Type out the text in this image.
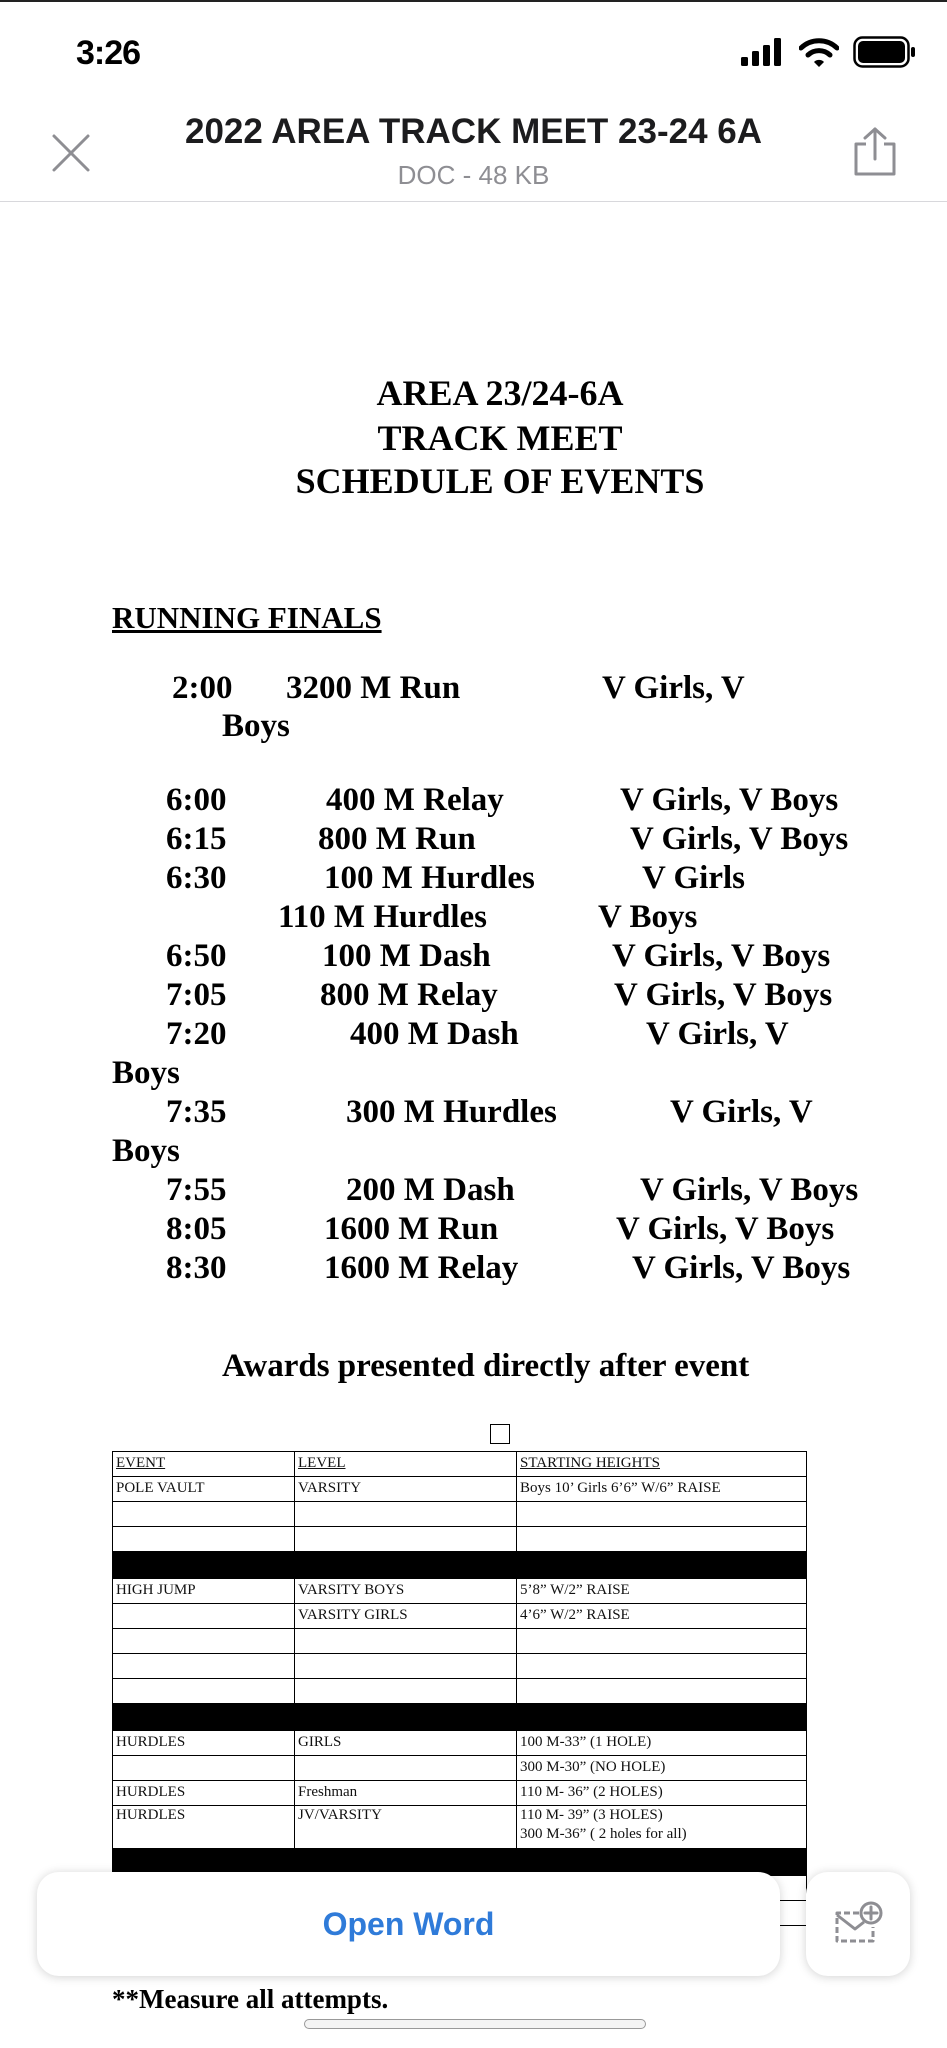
3:26
2022 AREA TRACK MEET 23-24 6A
DOC - 48 KB
AREA 23/24-6A
TRACK MEET
SCHEDULE OF EVENTS
RUNNING FINALS
2:00 3200 M Run	V Girls, V
Boys
6:00	400 M Relay	V Girls, V Boys
6:15	800 M Run	V Girls, V Boys
6:30	100 M Hurdles	V Girls
110 M Hurdles	V Boys
6:50	100 M Dash	V Girls, V Boys
7:05	800 M Relay	V Girls, V Boys
7:20	400 M Dash	V Girls, V
Boys
7:35	300 M Hurdles	V Girls, V
Boys
7:55	200 M Dash	V Girls, V Boys
8:05	1600 M Run	V Girls, V Boys
8:30	1600 M Relay	V Girls, V Boys
Awards presented directly after event
EVENT	LEVEL	STARTING HEIGHTS
POLE VAULT	VARSITY	Boys 10’ Girls 6’6” W/6” RAISE

HIGH JUMP	VARSITY BOYS	5’8” W/2” RAISE
	VARSITY GIRLS	4’6” W/2” RAISE

HURDLES	GIRLS	100 M-33” (1 HOLE)
		300 M-30” (NO HOLE)
HURDLES	Freshman	110 M- 36” (2 HOLES)
HURDLES	JV/VARSITY	110 M- 39” (3 HOLES)
300 M-36” ( 2 holes for all)

**Measure all attempts.
Open Word
